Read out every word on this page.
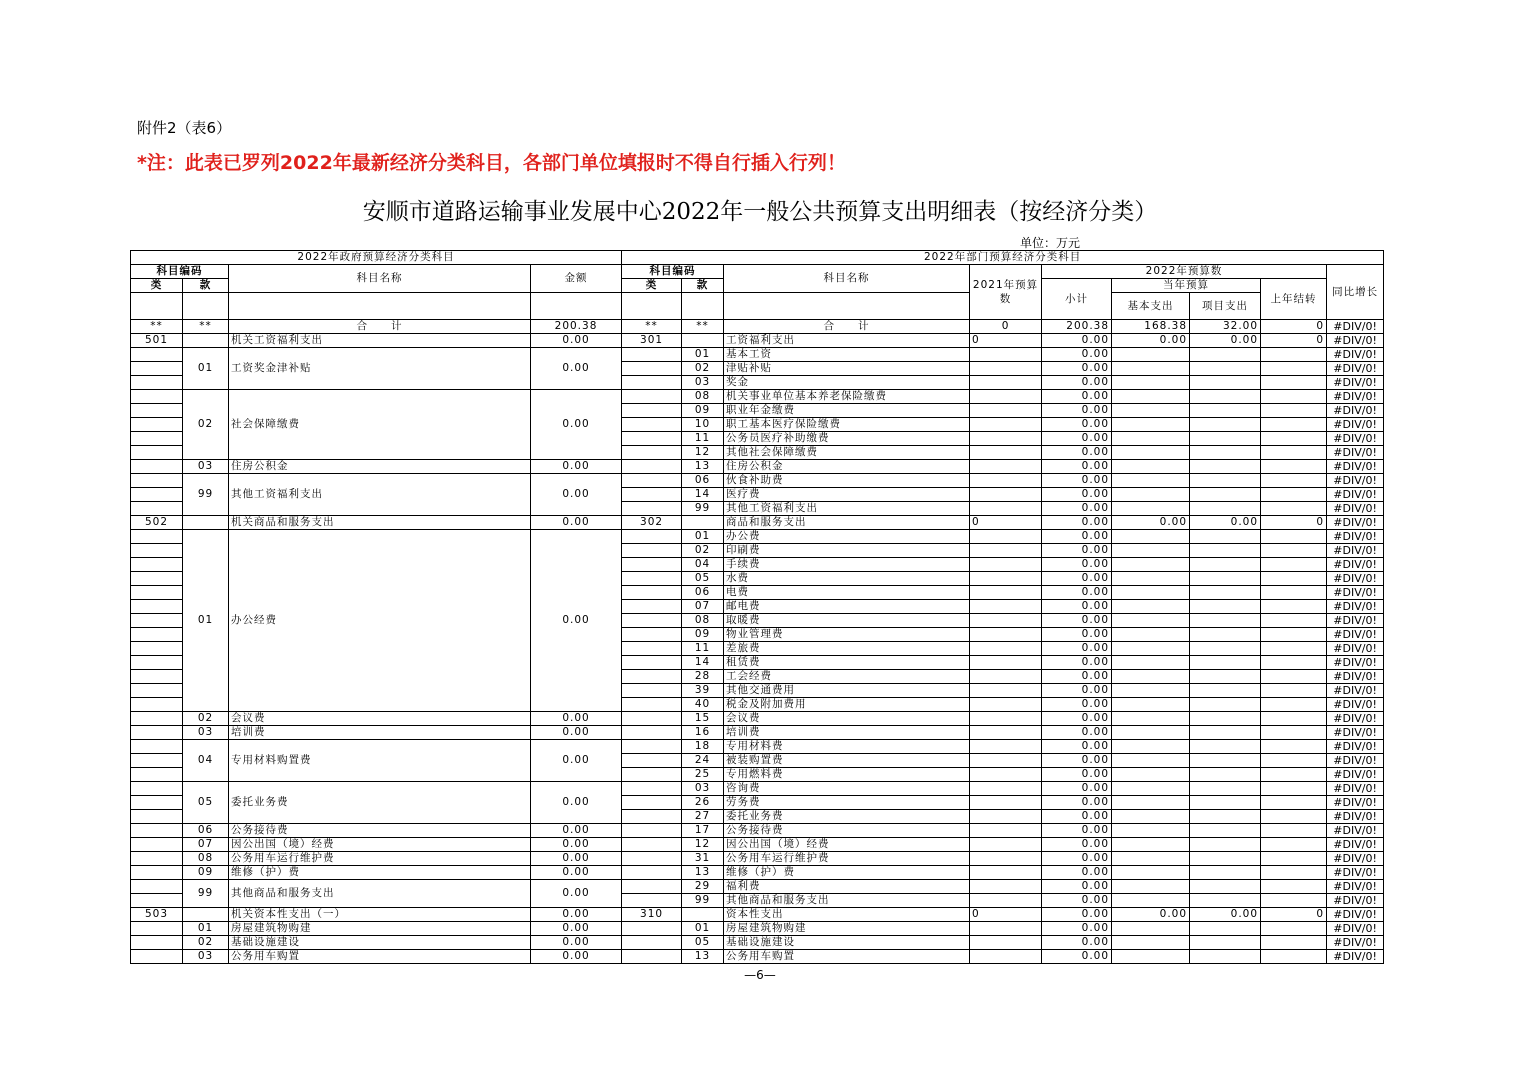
附件2（表6）
*注：此表已罗列2022年最新经济分类科目，各部门单位填报时不得自行插入行列！
安顺市道路运输事业发展中心2022年一般公共预算支出明细表（按经济分类）
单位：万元
2022年政府预算经济分类科目				2022年部门预算经济分类科目								
科目编码		科目名称	金额	科目编码		科目名称	2021年预算数	2022年预算数				同比增长
类	款			类	款			小计	当年预算		上年结转	
									基本支出	项目支出		
**	**	合　　计	200.38	**	**	合　　计	0	200.38	168.38	32.00	0	#DIV/0!
501		机关工资福利支出	0.00	301		工资福利支出	0	0.00	0.00	0.00	0	#DIV/0!
	01	工资奖金津补贴	0.00		01	基本工资		0.00				#DIV/0!
					02	津贴补贴		0.00				#DIV/0!
					03	奖金		0.00				#DIV/0!
	02	社会保障缴费	0.00		08	机关事业单位基本养老保险缴费		0.00				#DIV/0!
					09	职业年金缴费		0.00				#DIV/0!
					10	职工基本医疗保险缴费		0.00				#DIV/0!
					11	公务员医疗补助缴费		0.00				#DIV/0!
					12	其他社会保障缴费		0.00				#DIV/0!
	03	住房公积金	0.00		13	住房公积金		0.00				#DIV/0!
	99	其他工资福利支出	0.00		06	伙食补助费		0.00				#DIV/0!
					14	医疗费		0.00				#DIV/0!
					99	其他工资福利支出		0.00				#DIV/0!
502		机关商品和服务支出	0.00	302		商品和服务支出	0	0.00	0.00	0.00	0	#DIV/0!
	01	办公经费	0.00		01	办公费		0.00				#DIV/0!
					02	印刷费		0.00				#DIV/0!
					04	手续费		0.00				#DIV/0!
					05	水费		0.00				#DIV/0!
					06	电费		0.00				#DIV/0!
					07	邮电费		0.00				#DIV/0!
					08	取暖费		0.00				#DIV/0!
					09	物业管理费		0.00				#DIV/0!
					11	差旅费		0.00				#DIV/0!
					14	租赁费		0.00				#DIV/0!
					28	工会经费		0.00				#DIV/0!
					39	其他交通费用		0.00				#DIV/0!
					40	税金及附加费用		0.00				#DIV/0!
	02	会议费	0.00		15	会议费		0.00				#DIV/0!
	03	培训费	0.00		16	培训费		0.00				#DIV/0!
	04	专用材料购置费	0.00		18	专用材料费		0.00				#DIV/0!
					24	被装购置费		0.00				#DIV/0!
					25	专用燃料费		0.00				#DIV/0!
	05	委托业务费	0.00		03	咨询费		0.00				#DIV/0!
					26	劳务费		0.00				#DIV/0!
					27	委托业务费		0.00				#DIV/0!
	06	公务接待费	0.00		17	公务接待费		0.00				#DIV/0!
	07	因公出国（境）经费	0.00		12	因公出国（境）经费		0.00				#DIV/0!
	08	公务用车运行维护费	0.00		31	公务用车运行维护费		0.00				#DIV/0!
	09	维修（护）费	0.00		13	维修（护）费		0.00				#DIV/0!
	99	其他商品和服务支出	0.00		29	福利费		0.00				#DIV/0!
					99	其他商品和服务支出		0.00				#DIV/0!
503		机关资本性支出（一）	0.00	310		资本性支出	0	0.00	0.00	0.00	0	#DIV/0!
	01	房屋建筑物购建	0.00		01	房屋建筑物购建		0.00				#DIV/0!
	02	基础设施建设	0.00		05	基础设施建设		0.00				#DIV/0!
	03	公务用车购置	0.00		13	公务用车购置		0.00				#DIV/0!
—6—
